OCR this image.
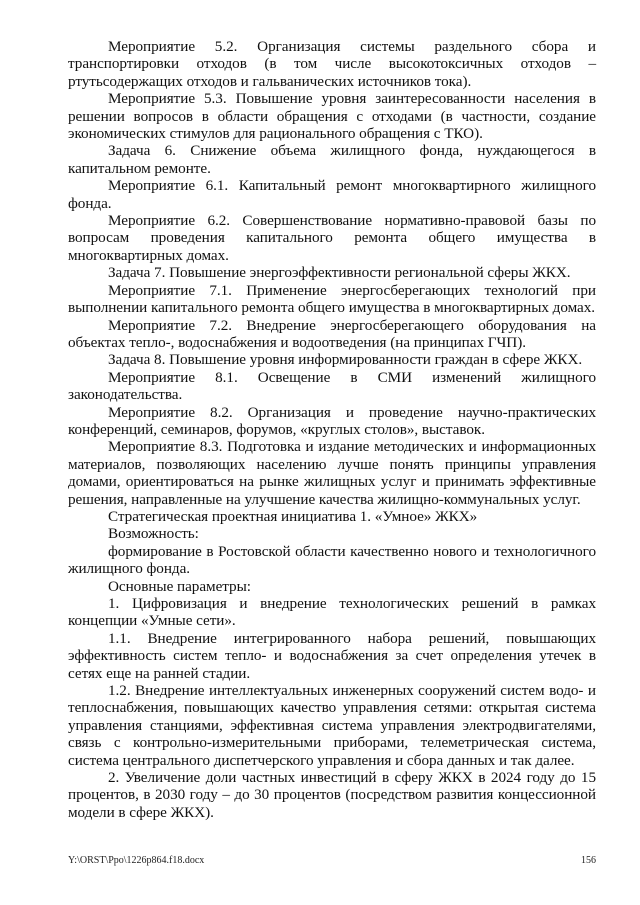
Мероприятие 5.2. Организация системы раздельного сбора и транспортировки отходов (в том числе высокотоксичных отходов – ртутьсодержащих отходов и гальванических источников тока).

Мероприятие 5.3. Повышение уровня заинтересованности населения в решении вопросов в области обращения с отходами (в частности, создание экономических стимулов для рационального обращения с ТКО).

Задача 6. Снижение объема жилищного фонда, нуждающегося в капитальном ремонте.

Мероприятие 6.1. Капитальный ремонт многоквартирного жилищного фонда.

Мероприятие 6.2. Совершенствование нормативно-правовой базы по вопросам проведения капитального ремонта общего имущества в многоквартирных домах.

Задача 7. Повышение энергоэффективности региональной сферы ЖКХ.

Мероприятие 7.1. Применение энергосберегающих технологий при выполнении капитального ремонта общего имущества в многоквартирных домах.

Мероприятие 7.2. Внедрение энергосберегающего оборудования на объектах тепло-, водоснабжения и водоотведения (на принципах ГЧП).

Задача 8. Повышение уровня информированности граждан в сфере ЖКХ.

Мероприятие 8.1. Освещение в СМИ изменений жилищного законодательства.

Мероприятие 8.2. Организация и проведение научно-практических конференций, семинаров, форумов, «круглых столов», выставок.

Мероприятие 8.3. Подготовка и издание методических и информационных материалов, позволяющих населению лучше понять принципы управления домами, ориентироваться на рынке жилищных услуг и принимать эффективные решения, направленные на улучшение качества жилищно-коммунальных услуг.

Стратегическая проектная инициатива 1. «Умное» ЖКХ»

Возможность:

формирование в Ростовской области качественно нового и технологичного жилищного фонда.

Основные параметры:

1. Цифровизация и внедрение технологических решений в рамках концепции «Умные сети».

1.1. Внедрение интегрированного набора решений, повышающих эффективность систем тепло- и водоснабжения за счет определения утечек в сетях еще на ранней стадии.

1.2. Внедрение интеллектуальных инженерных сооружений систем водо- и теплоснабжения, повышающих качество управления сетями: открытая система управления станциями, эффективная система управления электродвигателями, связь с контрольно-измерительными приборами, телеметрическая система, система центрального диспетчерского управления и сбора данных и так далее.

2. Увеличение доли частных инвестиций в сферу ЖКХ в 2024 году до 15 процентов, в 2030 году – до 30 процентов (посредством развития концессионной модели в сфере ЖКХ).

Y:\ORST\Ppo\1226p864.f18.docx	156
